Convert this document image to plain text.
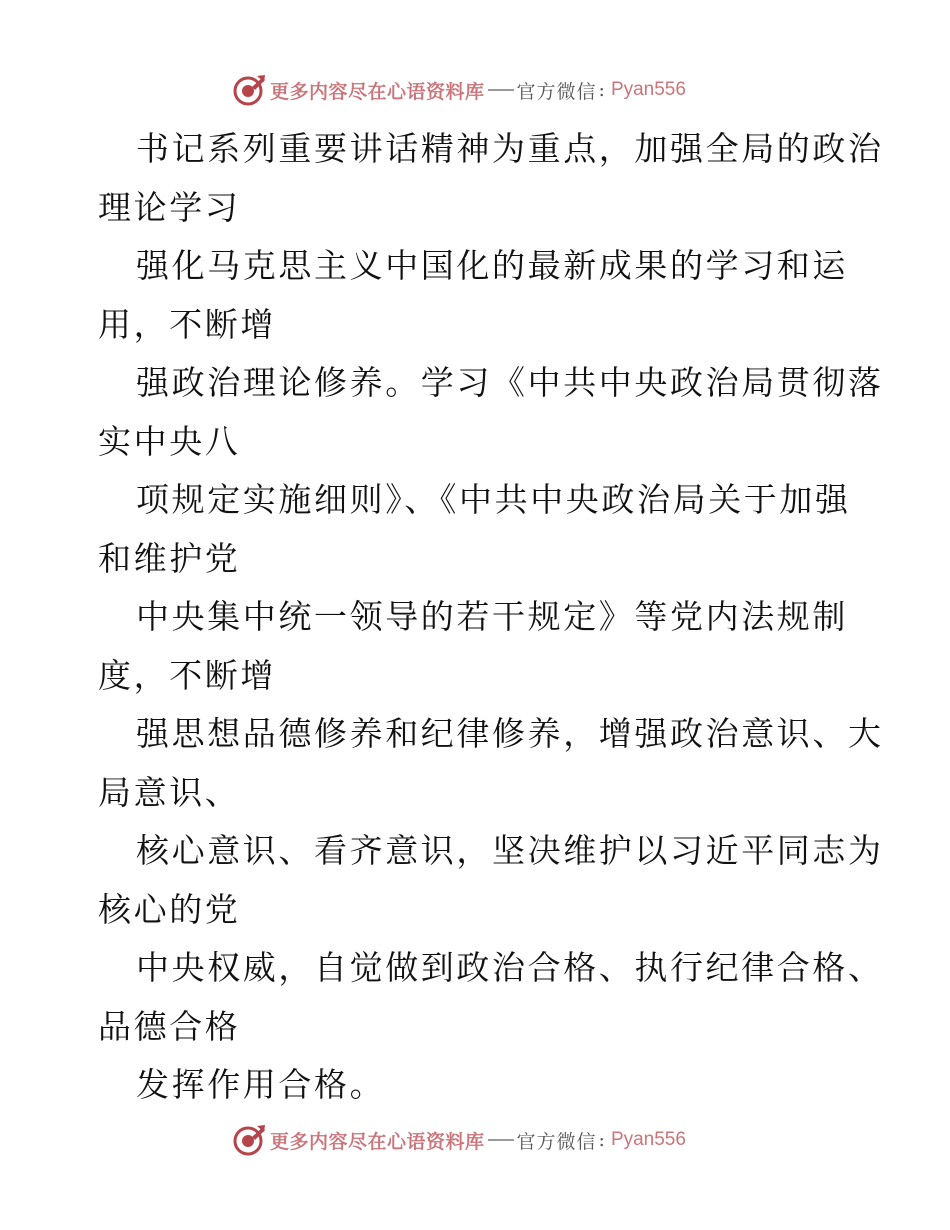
更多内容尽在心语资料库 官方微信 : Pyan556

书记系列重要讲话精神为重点，加强全局的政治

理论学习

强化马克思主义中国化的最新成果的学习和运

用，不断增

强政治理论修养。学习《中共中央政治局贯彻落

实中央八

项规定实施细则》、《中共中央政治局关于加强

和维护党

中央集中统一领导的若干规定》等党内法规制

度，不断增

强思想品德修养和纪律修养，增强政治意识、大

局意识、

核心意识、看齐意识，坚决维护以习近平同志为

核心的党

中央权威，自觉做到政治合格、执行纪律合格、

品德合格

发挥作用合格。

更多内容尽在心语资料库 官方微信 : Pyan556
